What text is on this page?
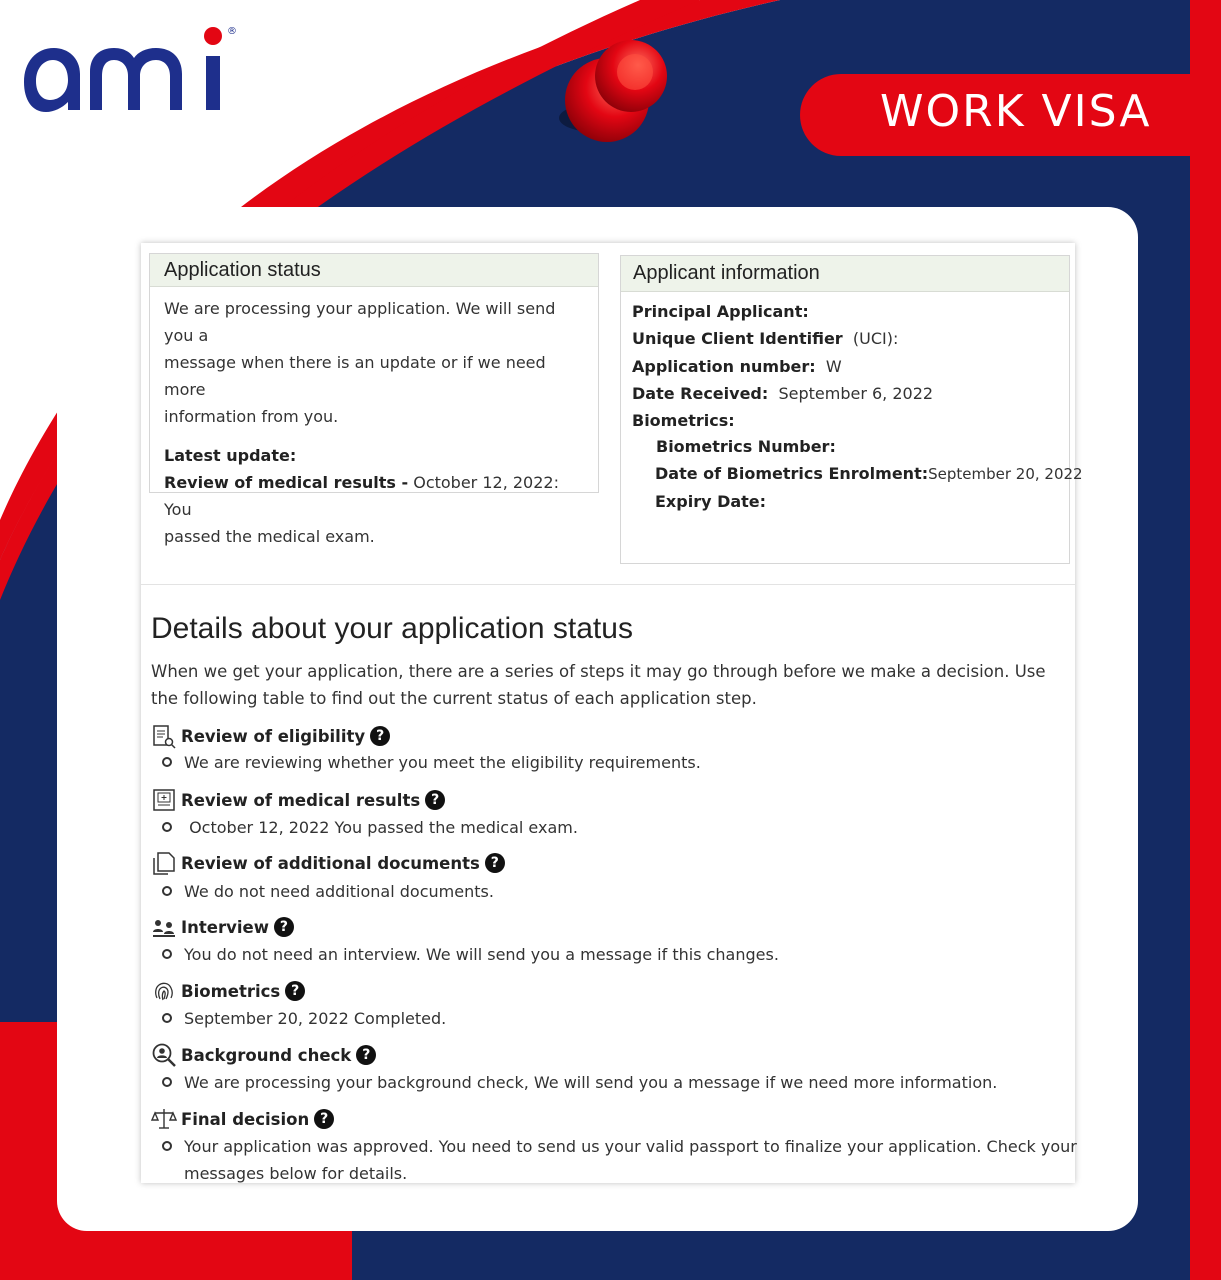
®
WORK VISA
Application status
We are processing your application. We will send you a
message when there is an update or if we need more
information from you.
Latest update:
Review of medical results - October 12, 2022: You
passed the medical exam.
Applicant information
Principal Applicant:
Unique Client Identifier (UCI):
Application number: W
Date Received: September 6, 2022
Biometrics:
Biometrics Number:
Date of Biometrics Enrolment:September 20, 2022
Expiry Date:
Details about your application status
When we get your application, there are a series of steps it may go through before we make a decision. Use the following table to find out the current status of each application step.
Review of eligibility ?
We are reviewing whether you meet the eligibility requirements.
Review of medical results ?
October 12, 2022 You passed the medical exam.
Review of additional documents ?
We do not need additional documents.
Interview ?
You do not need an interview. We will send you a message if this changes.
Biometrics ?
September 20, 2022 Completed.
Background check ?
We are processing your background check, We will send you a message if we need more information.
Final decision ?
Your application was approved. You need to send us your valid passport to finalize your application. Check your
messages below for details.
